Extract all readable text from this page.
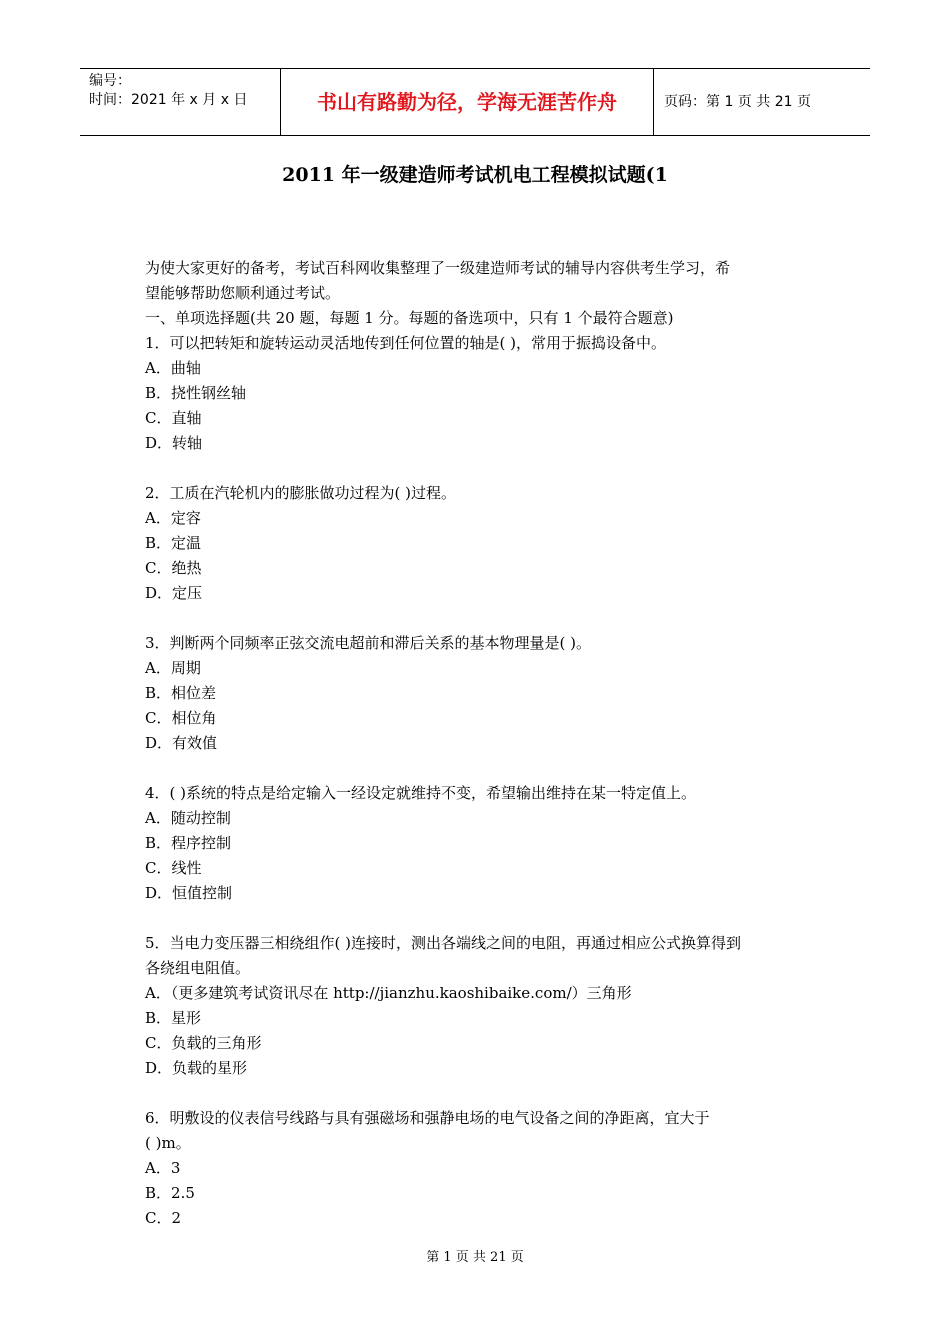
编号：
时间：2021 年 x 月 x 日	书山有路勤为径，学海无涯苦作舟	页码：第 1 页 共 21 页
2011 年一级建造师考试机电工程模拟试题(1

为使大家更好的备考，考试百科网收集整理了一级建造师考试的辅导内容供考生学习，希

望能够帮助您顺利通过考试。

一、单项选择题(共 20 题，每题 1 分。每题的备选项中，只有 1 个最符合题意)

1．可以把转矩和旋转运动灵活地传到任何位置的轴是( )，常用于振捣设备中。

A．曲轴

B．挠性钢丝轴

C．直轴

D．转轴

2．工质在汽轮机内的膨胀做功过程为( )过程。

A．定容

B．定温

C．绝热

D．定压

3．判断两个同频率正弦交流电超前和滞后关系的基本物理量是( )。

A．周期

B．相位差

C．相位角

D．有效值

4．( )系统的特点是给定输入一经设定就维持不变，希望输出维持在某一特定值上。

A．随动控制

B．程序控制

C．线性

D．恒值控制

5．当电力变压器三相绕组作( )连接时，测出各端线之间的电阻，再通过相应公式换算得到

各绕组电阻值。

A．（更多建筑考试资讯尽在 http://jianzhu.kaoshibaike.com/）三角形

B．星形

C．负载的三角形

D．负载的星形

6．明敷设的仪表信号线路与具有强磁场和强静电场的电气设备之间的净距离，宜大于

( )m。

A．3

B．2.5

C．2

第 1 页 共 21 页
